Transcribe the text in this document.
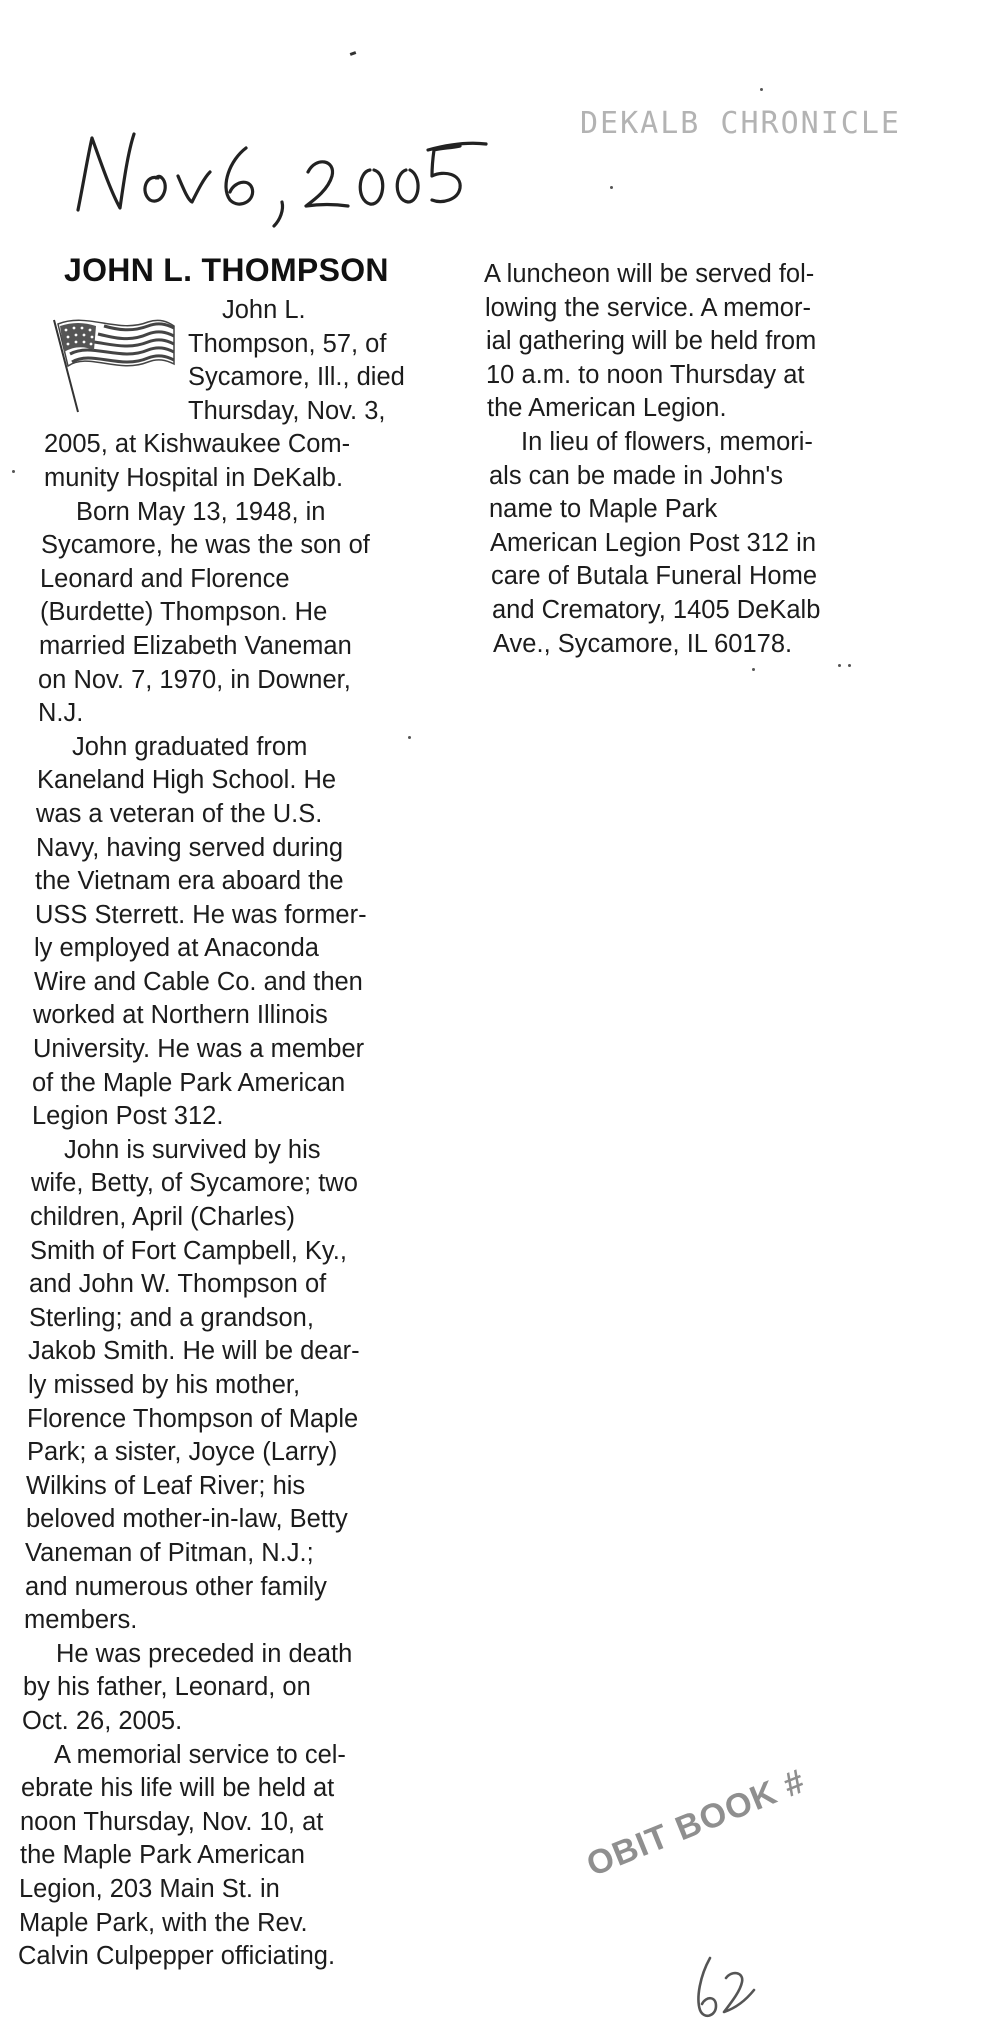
DEKALB CHRONICLE
JOHN L. THOMPSON
John L.
Thompson, 57, of
Sycamore, Ill., died
Thursday, Nov. 3,
2005, at Kishwaukee Com-
munity Hospital in DeKalb.
Born May 13, 1948, in
Sycamore, he was the son of
Leonard and Florence
(Burdette) Thompson. He
married Elizabeth Vaneman
on Nov. 7, 1970, in Downer,
N.J.
John graduated from
Kaneland High School. He
was a veteran of the U.S.
Navy, having served during
the Vietnam era aboard the
USS Sterrett. He was former-
ly employed at Anaconda
Wire and Cable Co. and then
worked at Northern Illinois
University. He was a member
of the Maple Park American
Legion Post 312.
John is survived by his
wife, Betty, of Sycamore; two
children, April (Charles)
Smith of Fort Campbell, Ky.,
and John W. Thompson of
Sterling; and a grandson,
Jakob Smith. He will be dear-
ly missed by his mother,
Florence Thompson of Maple
Park; a sister, Joyce (Larry)
Wilkins of Leaf River; his
beloved mother-in-law, Betty
Vaneman of Pitman, N.J.;
and numerous other family
members.
He was preceded in death
by his father, Leonard, on
Oct. 26, 2005.
A memorial service to cel-
ebrate his life will be held at
noon Thursday, Nov. 10, at
the Maple Park American
Legion, 203 Main St. in
Maple Park, with the Rev.
Calvin Culpepper officiating.
A luncheon will be served fol-
lowing the service. A memor-
ial gathering will be held from
10 a.m. to noon Thursday at
the American Legion.
In lieu of flowers, memori-
als can be made in John's
name to Maple Park
American Legion Post 312 in
care of Butala Funeral Home
and Crematory, 1405 DeKalb
Ave., Sycamore, IL 60178.
OBIT BOOK #
